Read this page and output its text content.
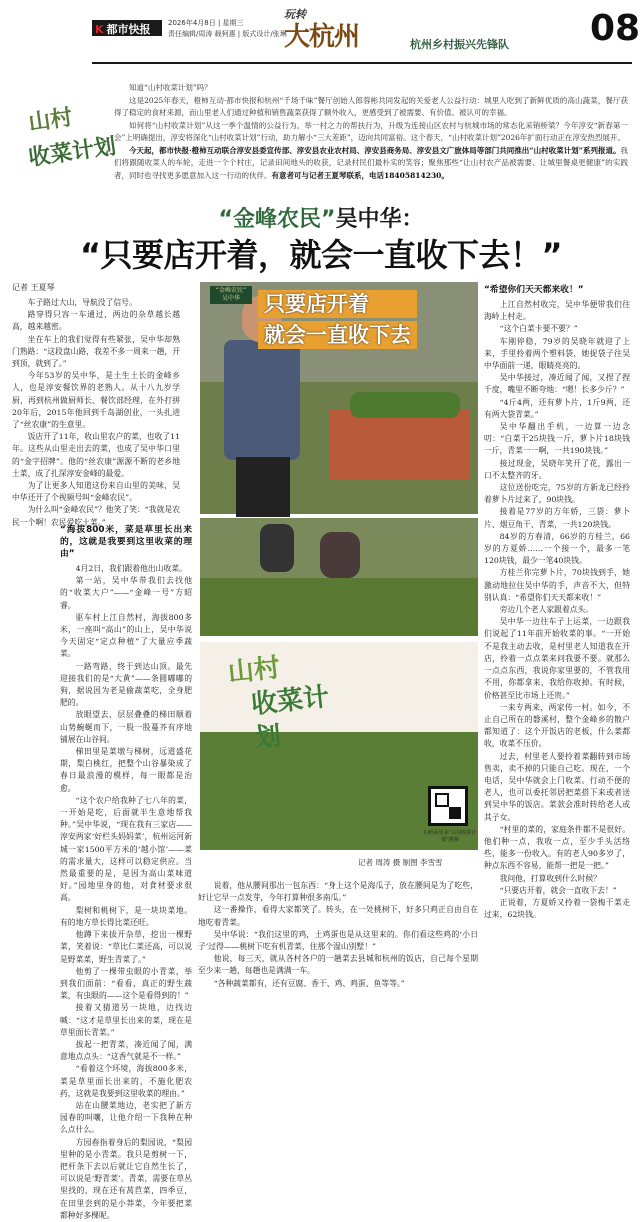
K 都市快报	2026年4月8日 | 星期三
责任编辑/周涛 载柯惠 | 版式设计/张琳
玩转
大杭州	杭州乡村振兴先锋队 08
山村
收菜计划

知道“山村收菜计划”吗？

这是2025年春天，橙柿互动·都市快报和杭州“千场千味”餐厅创始人郎蓉彬共同发起的关爱老人公益行动：城里人吃到了新鲜优质的高山蔬菜，餐厅获得了稳定的食材来源，而山里老人们通过种植和销售蔬菜获得了额外收入，更感受到了被需要、有价值、被认可的幸福。

如何将“山村收菜计划”从这一季个温情的公益行为，举一村之力的帮扶行为，升级为连接山区农村与杭城市场的常态化采销桥梁？今年淳安“新春第一会”上明确提出，淳安将深化“山村收菜计划”行动，助力解小“三大差距”，迈向共同富裕。这个春天，“山村收菜计划”2026年扩面行动正在淳安热烈展开。

今天起，都市快报·橙柿互动联合淳安县委宣传部、淳安县农业农村局、淳安县商务局、淳安县文广旅体局等部门共同推出“山村收菜计划”系列报道。我们将跟随收菜人的车轮，走进一个个村庄，记录田间地头的收获，记录村民们最朴实的笑容；聚焦那些“让山村农产品被需要、让城里餐桌更健康”的实践者，同时也寻找更多愿意加入这一行动的伙伴。有意者可与记者王夏琴联系，电话18405814230。

“金峰农民”吴中华：
“只要店开着，就会一直收下去！”
记者 王夏琴

车子路过大山，导航没了信号。

路穿得只容一车通过，两边的杂草越长越高，越来越密。

坐在车上的我们觉得有些紧张，吴中华却熟门熟路：“这段盘山路，我差不多一周来一趟，开到顶，就到了。”

今年53岁的吴中华，是土生土长的金峰乡人，也是淳安餐饮界的老熟人。从十八九岁学厨，再到杭州做厨师长、餐饮部经理，在外打拼20年后，2015年他回到千岛湖创业，一头扎进了“丝农康”的生意里。

饭店开了11年，收山里农户的菜，也收了11年。这些从山里走出去的菜，也成了吴中华口里的“金字招牌”。他的“丝农康”源源不断的老乡地土菜，成了扎深淳安金峰的最爱。

为了让更多人知道这份来自山里的美味，吴中华还开了个视频号叫“金峰农民”。

为什么叫“金峰农民”？他笑了笑：“我就是农民一个啊！农民爱吃土菜。”

“海拔800米，菜是草里长出来的，这就是我要到这里收菜的理由”

4月2日，我们跟着他出山收菜。

第一站，吴中华带我们去找他的“收菜大户”——“金峰一号”方昭睿。

驱车村上江自然村，海拔800多米，一座叫“高山”的山上，吴中华说今天固定“定点种植”了大量应季蔬菜。

一路弯路，终于到达山顶。最先迎接我们的是“大黄”——条圆嘟嘟的狗，据说因为老是偷蔬菜吃，全身肥肥的。

放眼望去，层层叠叠的梯田顺着山势蜿蜒而下，一股一股蔓芥有序地铺展在山谷间。

梯田里是菜墩与梯树，远道盛花期，梨白桃红，把整个山谷暴染成了春日最浪漫的模样，每一眼都是治愈。

“这个农户给我种了七八年的菜，一开始是吃，后面就半生意地帮我种。”吴中华说，“现在我有三家店——淳安两家‘好栏头妈妈菜’，杭州运河新城一家1500平方米的‘越小馆’——菜的需求量大，这样可以稳定供应。当然最重要的是，是因为高山菜味道好。”园地里身的他，对食材要求很高。

梨树和桃树下，是一块块菜地。有的地方草长得比菜还旺。

他蹲下来拔开杂草，挖出一棵野菜，笑着说：“草比仁菜还高，可以说是野菜菜，野生青菜了。”

他剪了一棵带虫眼的小青菜，举到我们面前：“看看，真正的野生蔬菜，有虫眼的——这个是看得到的！”

接着又猜道另一块地，边找边喊：“这才是草里长出来的菜，现在是草里面长青菜。”

拔起一把青菜，凑近闻了闻，满意地点点头：“这香气就是不一样。”

“看着这个环境，海拔800多米，菜是草里面长出来的，不施化肥农药，这就是我要到这里收菜的理由。”

站在山腰菜地边，老实把了新方园春的叫嚷，让他介绍一下我种在种么点什么。

方园春指着身后的梨园说，“梨园里种的是小青菜。我只是剪树一下，把杆条下去以后就让它自然生长了，可以说是‘野青菜’。青菜，需要在草丛里找的，现在还有莴苣菜，四季豆，在田里尝到的是小莽菜，今年要把菜都种好多棵呢。

“金峰农民”
吴中华	只要店开着
就会一直收下去
山村
收菜计划
扫码看更多“山村收菜计划”视频
记者 周涛 摄 制图 李雪雪

说着，他从腰间那出一包东西：“身上这个是海瓜子，放在腰间是为了吃些，好让它早一点发芽，今年打算种很多南瓜。”

这一番操作，看得大家都笑了。转头，在一处桃树下，好多只鸡正自由自在地吃着青菜。

吴中华说：“我们这里的鸡，土鸡蛋也是从这里来的。你们看这些鸡的‘小日子’过得——桃树下吃有机青菜，住那个湿山别墅！”

他说，每三天，就从各村各户的一趟菜去县城和杭州的饭店，自己每个星期至少来一趟，每趟也是满满一车。

“各种蔬菜都有，还有豆腐、香干、鸡、鸡蛋、鱼等等。”

“希望你们天天都来收！”

上江自然村收完，吴中华便带我们往海岭上村走。

“这个白菜卡要不要？”

车刚停稳，79岁的吴晓年就迎了上来，手里拎着两个塑料袋，她捉袋子往吴中华面前一递，眼睛亮亮的。

吴中华接过，凑近闻了闻，又捏了捏千度，嘴里不断夸地：“嗯！长多少斤？”

“4斤4两，还有萝卜片，1斤9两，还有两大袋青菜。”

吴中华翻出手机，一边算一边念叨：“白菜干25块钱一斤，萝卜片18块钱一斤，青菜一一啊，一共190块钱。”

接过现金，吴晓年笑开了花，露出一口不太整齐的牙。

这位送份吃完，75岁的方新龙已经拎着萝卜片过来了，90块钱。

接着是77岁的方年娇，三袋：萝卜片、烟豆角干、青菜，一共120块钱。

84岁的方春清，66岁的方桂兰，66岁的方夏娇……一个接一个，最多一笔120块钱，最少一笔40块钱。

方桂兰你完萝卜片，70块钱到手，她激动地拉住吴中华的手，声音不大，但特别认真：“希望你们天天都来收！”

旁边几个老人家跟着点头。

吴中华一边往车子上运菜，一边跟我们说起了11年前开始收菜的事。“一开始不是我主动去收，是村里老人知道我在开店，拎着一点点菜来问我要不要。就那么一点点东西，我说你家里要的，不管我用不用，你都拿来，我给你收掉。有时候，价格甚至比市场上还贵。”

一来专两来，两家传一村。如今，不止自己所在的磐溪村，整个金峰乡的散户都知道了：这个开饭店的老板，什么菜都收，收菜不压价。

过去，村里老人要拎着菜翻转到市场售卖，卖不掉的只能自己吃。现在，一个电话，吴中华就会上门收菜。行动不便的老人，也可以委托邻居把菜搭下来或者送到吴中华的饭店。菜款会准时转给老人或其子女。

“村里的菜的，家庭条件都不是很好。他们种一点，我收一点，至少手头活络些，能多一份收入。有的老人90多岁了，种点东西不容易，能帮一把是一把。”

我问他，打算收到什么时候？

“只要店开着，就会一直收下去！”

正说着，方夏娇又拎着一袋梅干菜走过来，62块钱。
